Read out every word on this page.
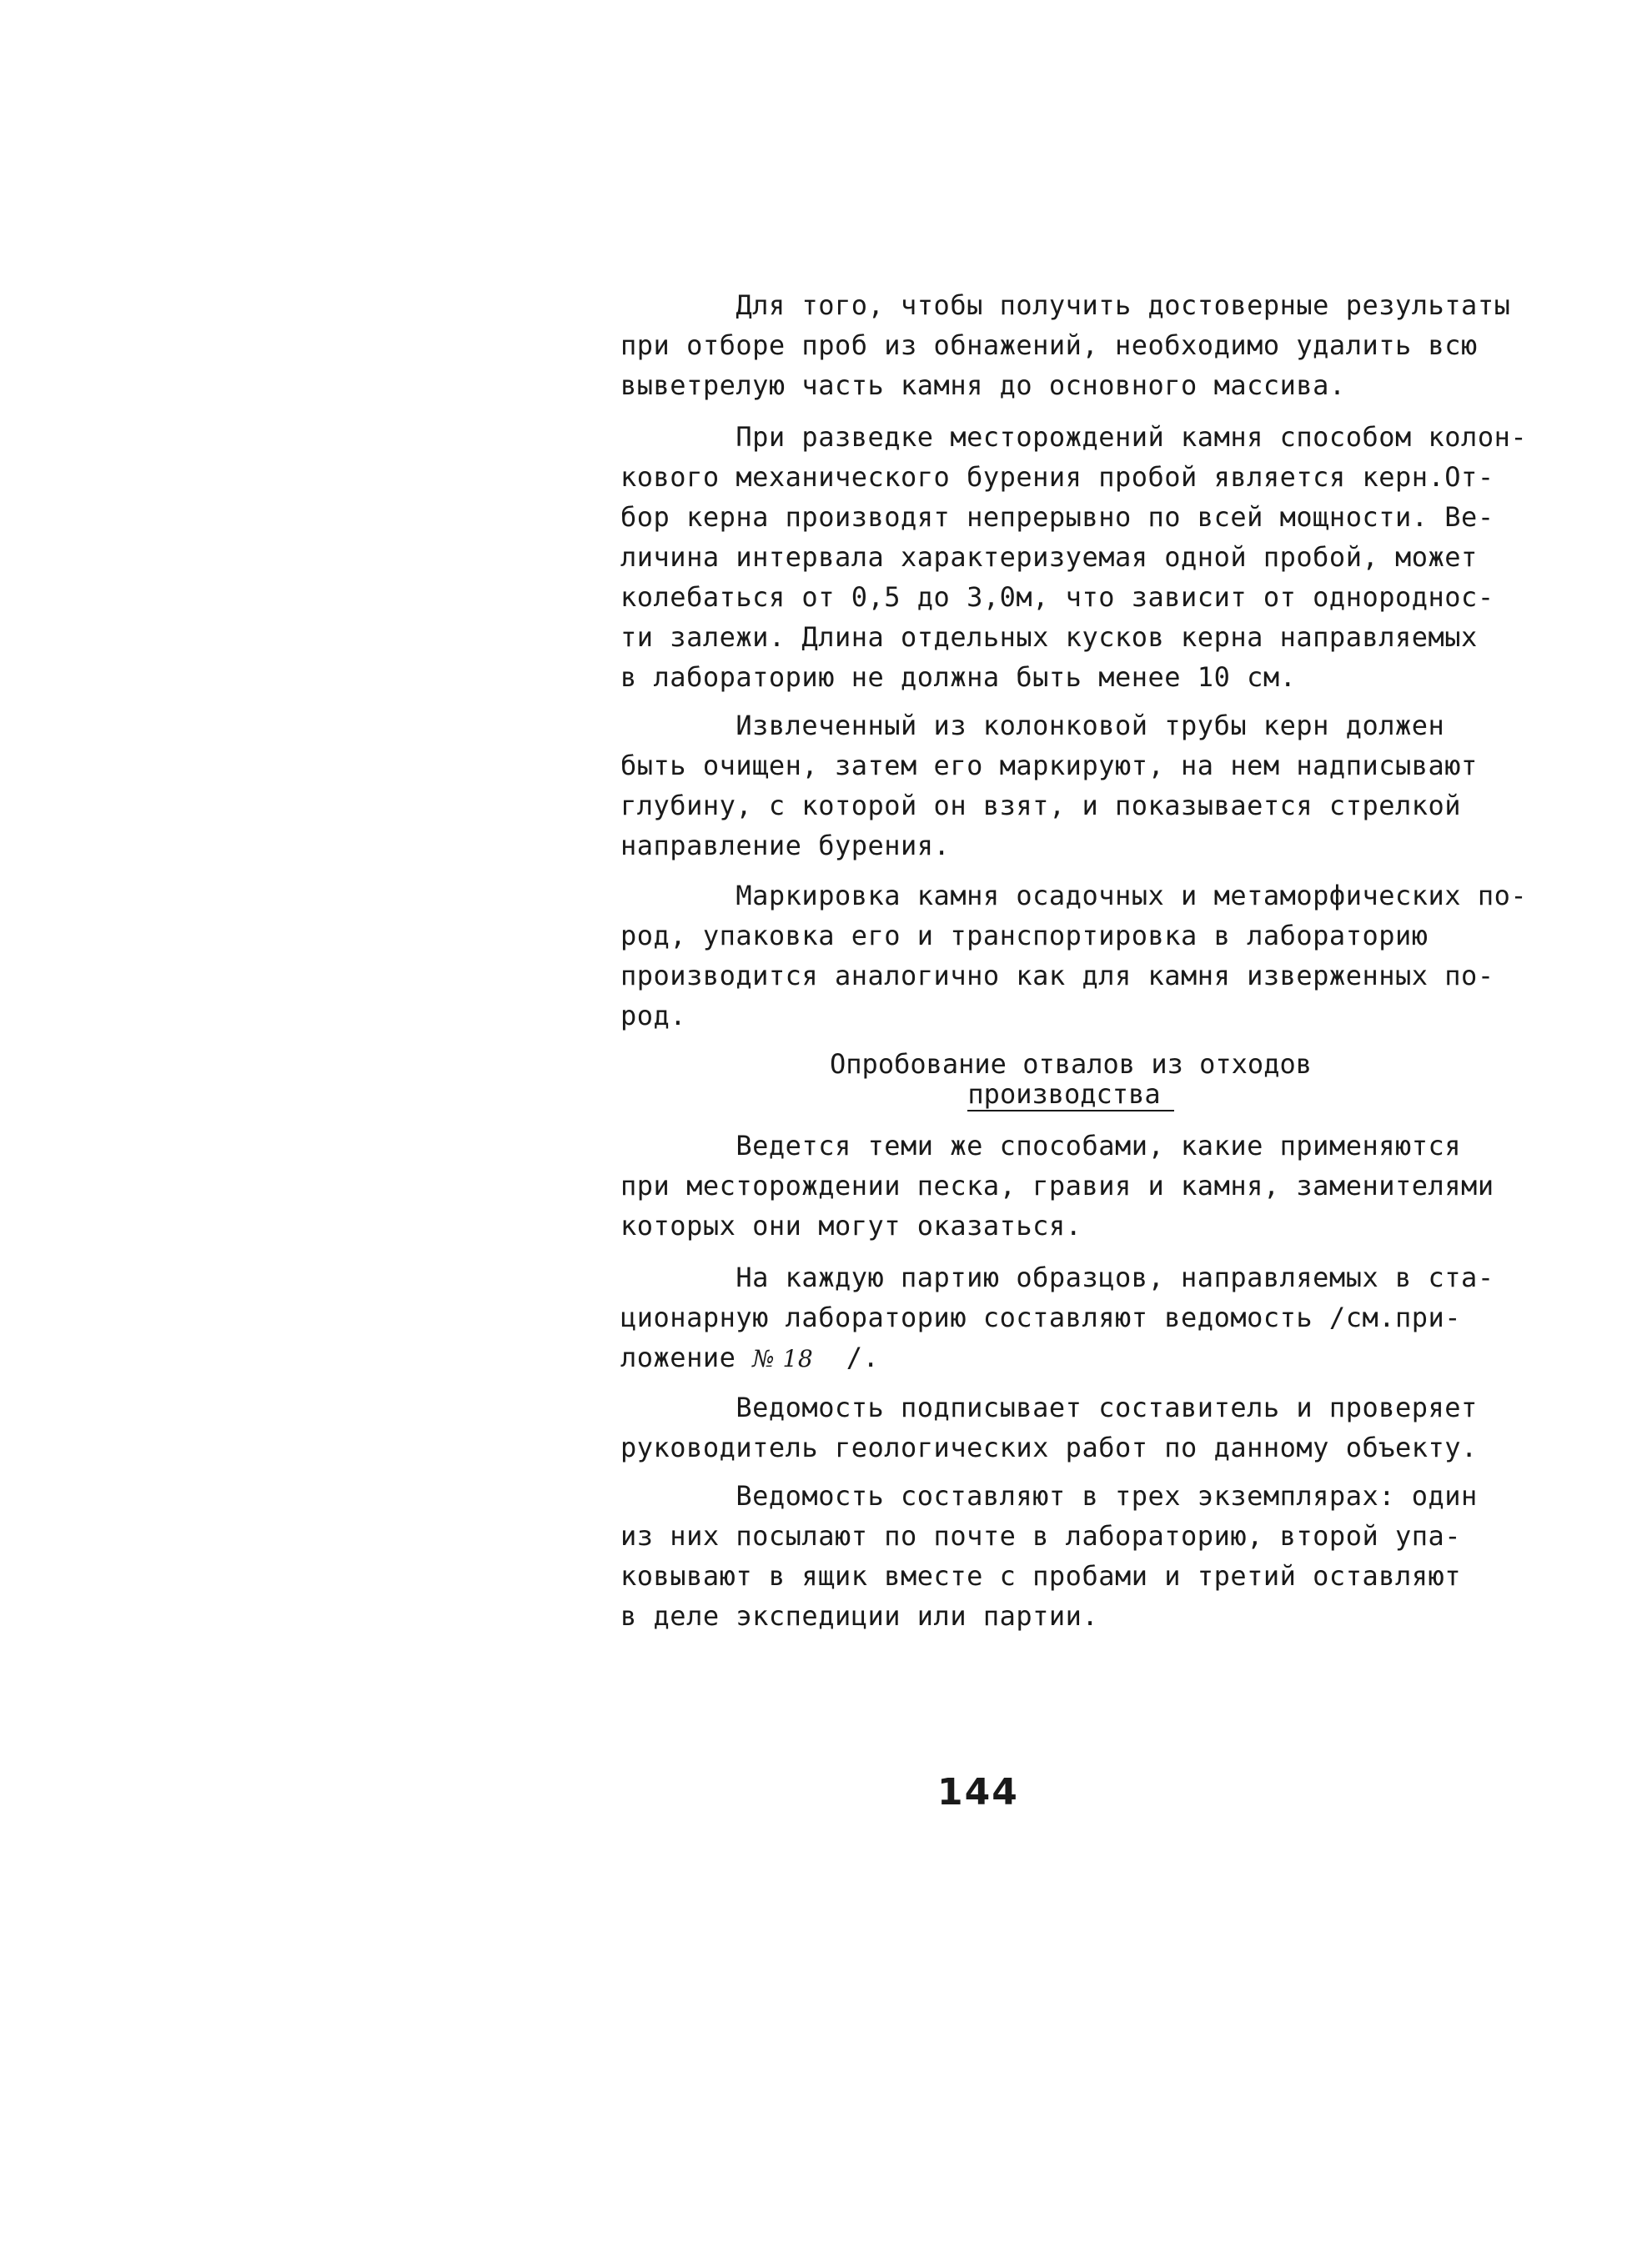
Для того, чтобы получить достоверные результаты
при отборе проб из обнажений, необходимо удалить всю
выветрелую часть камня до основного массива.
При разведке месторождений камня способом колон-
кового механического бурения пробой является керн.От-
бор керна производят непрерывно по всей мощности. Ве-
личина интервала характеризуемая одной пробой, может
колебаться от 0,5 до 3,0м, что зависит от однороднос-
ти залежи. Длина отдельных кусков керна направляемых
в лабораторию не должна быть менее 10 см.
Извлеченный из колонковой трубы керн должен
быть очищен, затем его маркируют, на нем надписывают
глубину, с которой он взят, и показывается стрелкой
направление бурения.
Маркировка камня осадочных и метаморфических по-
род, упаковка его и транспортировка в лабораторию
производится аналогично как для камня изверженных по-
род.
Опробование отвалов из отходов
производства
Ведется теми же способами, какие применяются
при месторождении песка, гравия и камня, заменителями
которых они могут оказаться.
На каждую партию образцов, направляемых в ста-
ционарную лабораторию составляют ведомость /см.при-
ложение № 18  /.
Ведомость подписывает составитель и проверяет
руководитель геологических работ по данному объекту.
Ведомость составляют в трех экземплярах: один
из них посылают по почте в лабораторию, второй упа-
ковывают в ящик вместе с пробами и третий оставляют
в деле экспедиции или партии.
144
